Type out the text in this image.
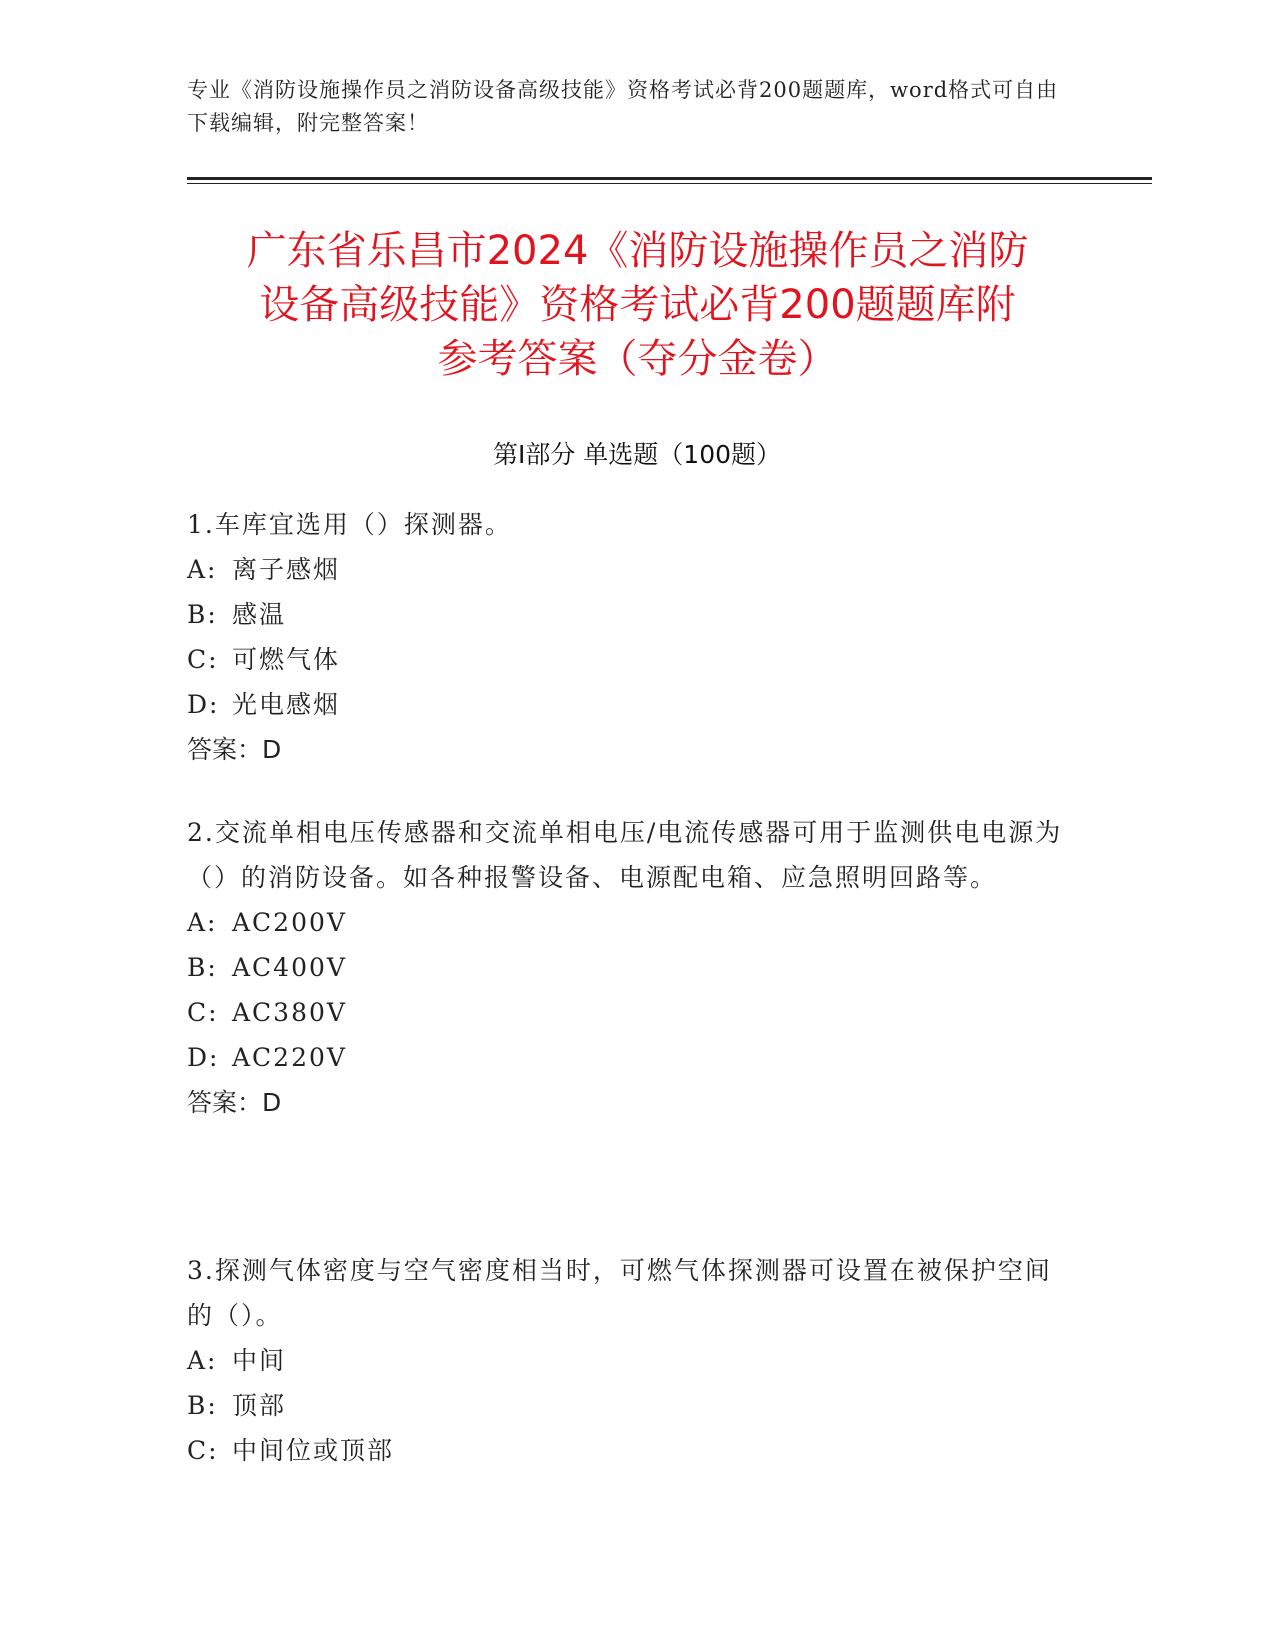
专业《消防设施操作员之消防设备高级技能》资格考试必背200题题库，word格式可自由下载编辑，附完整答案！
广东省乐昌市2024《消防设施操作员之消防
设备高级技能》资格考试必背200题题库附
参考答案（夺分金卷）
第Ⅰ部分 单选题（100题）
1.车库宜选用（）探测器。
A: 离子感烟
B: 感温
C: 可燃气体
D: 光电感烟
答案：D
2.交流单相电压传感器和交流单相电压/电流传感器可用于监测供电电源为（）的消防设备。如各种报警设备、电源配电箱、应急照明回路等。
A: AC200V
B: AC400V
C: AC380V
D: AC220V
答案：D
3.探测气体密度与空气密度相当时，可燃气体探测器可设置在被保护空间的（）。
A: 中间
B: 顶部
C: 中间位或顶部
